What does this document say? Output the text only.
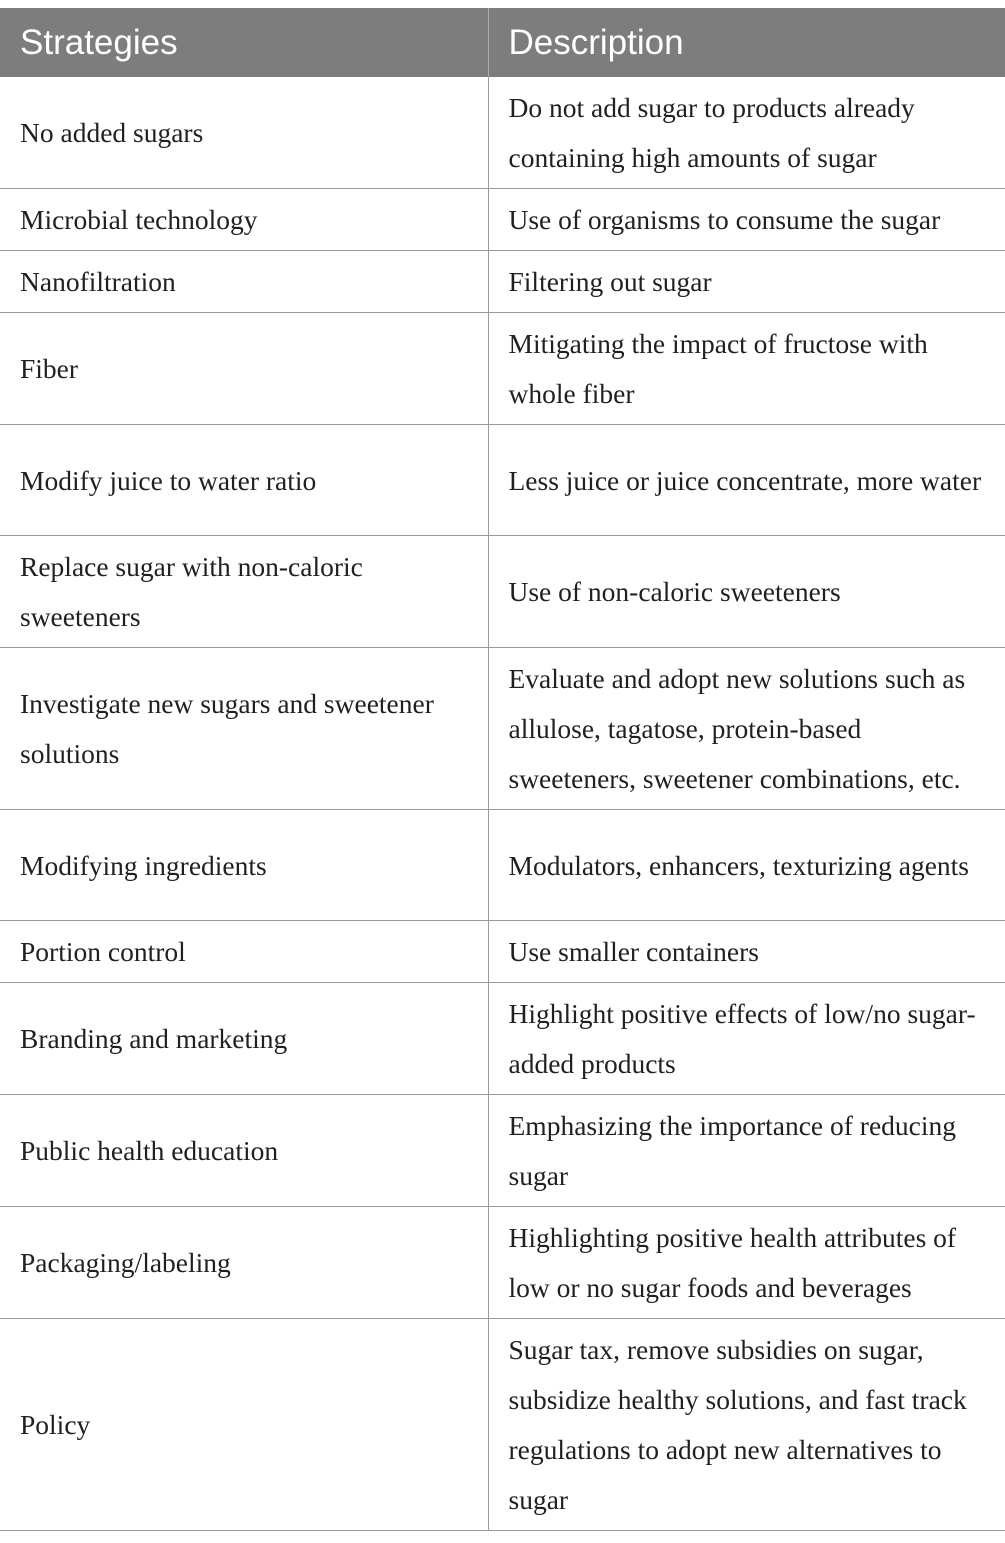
Strategies	Description
No added sugars	Do not add sugar to products already containing high amounts of sugar
Microbial technology	Use of organisms to consume the sugar
Nanofiltration	Filtering out sugar
Fiber	Mitigating the impact of fructose with whole fiber
Modify juice to water ratio	Less juice or juice concentrate, more water
Replace sugar with non-caloric sweeteners	Use of non-caloric sweeteners
Investigate new sugars and sweetener solutions	Evaluate and adopt new solutions such as allulose, tagatose, protein-based sweeteners, sweetener combinations, etc.
Modifying ingredients	Modulators, enhancers, texturizing agents
Portion control	Use smaller containers
Branding and marketing	Highlight positive effects of low/no sugar-added products
Public health education	Emphasizing the importance of reducing sugar
Packaging/labeling	Highlighting positive health attributes of low or no sugar foods and beverages
Policy	Sugar tax, remove subsidies on sugar, subsidize healthy solutions, and fast track regulations to adopt new alternatives to sugar
